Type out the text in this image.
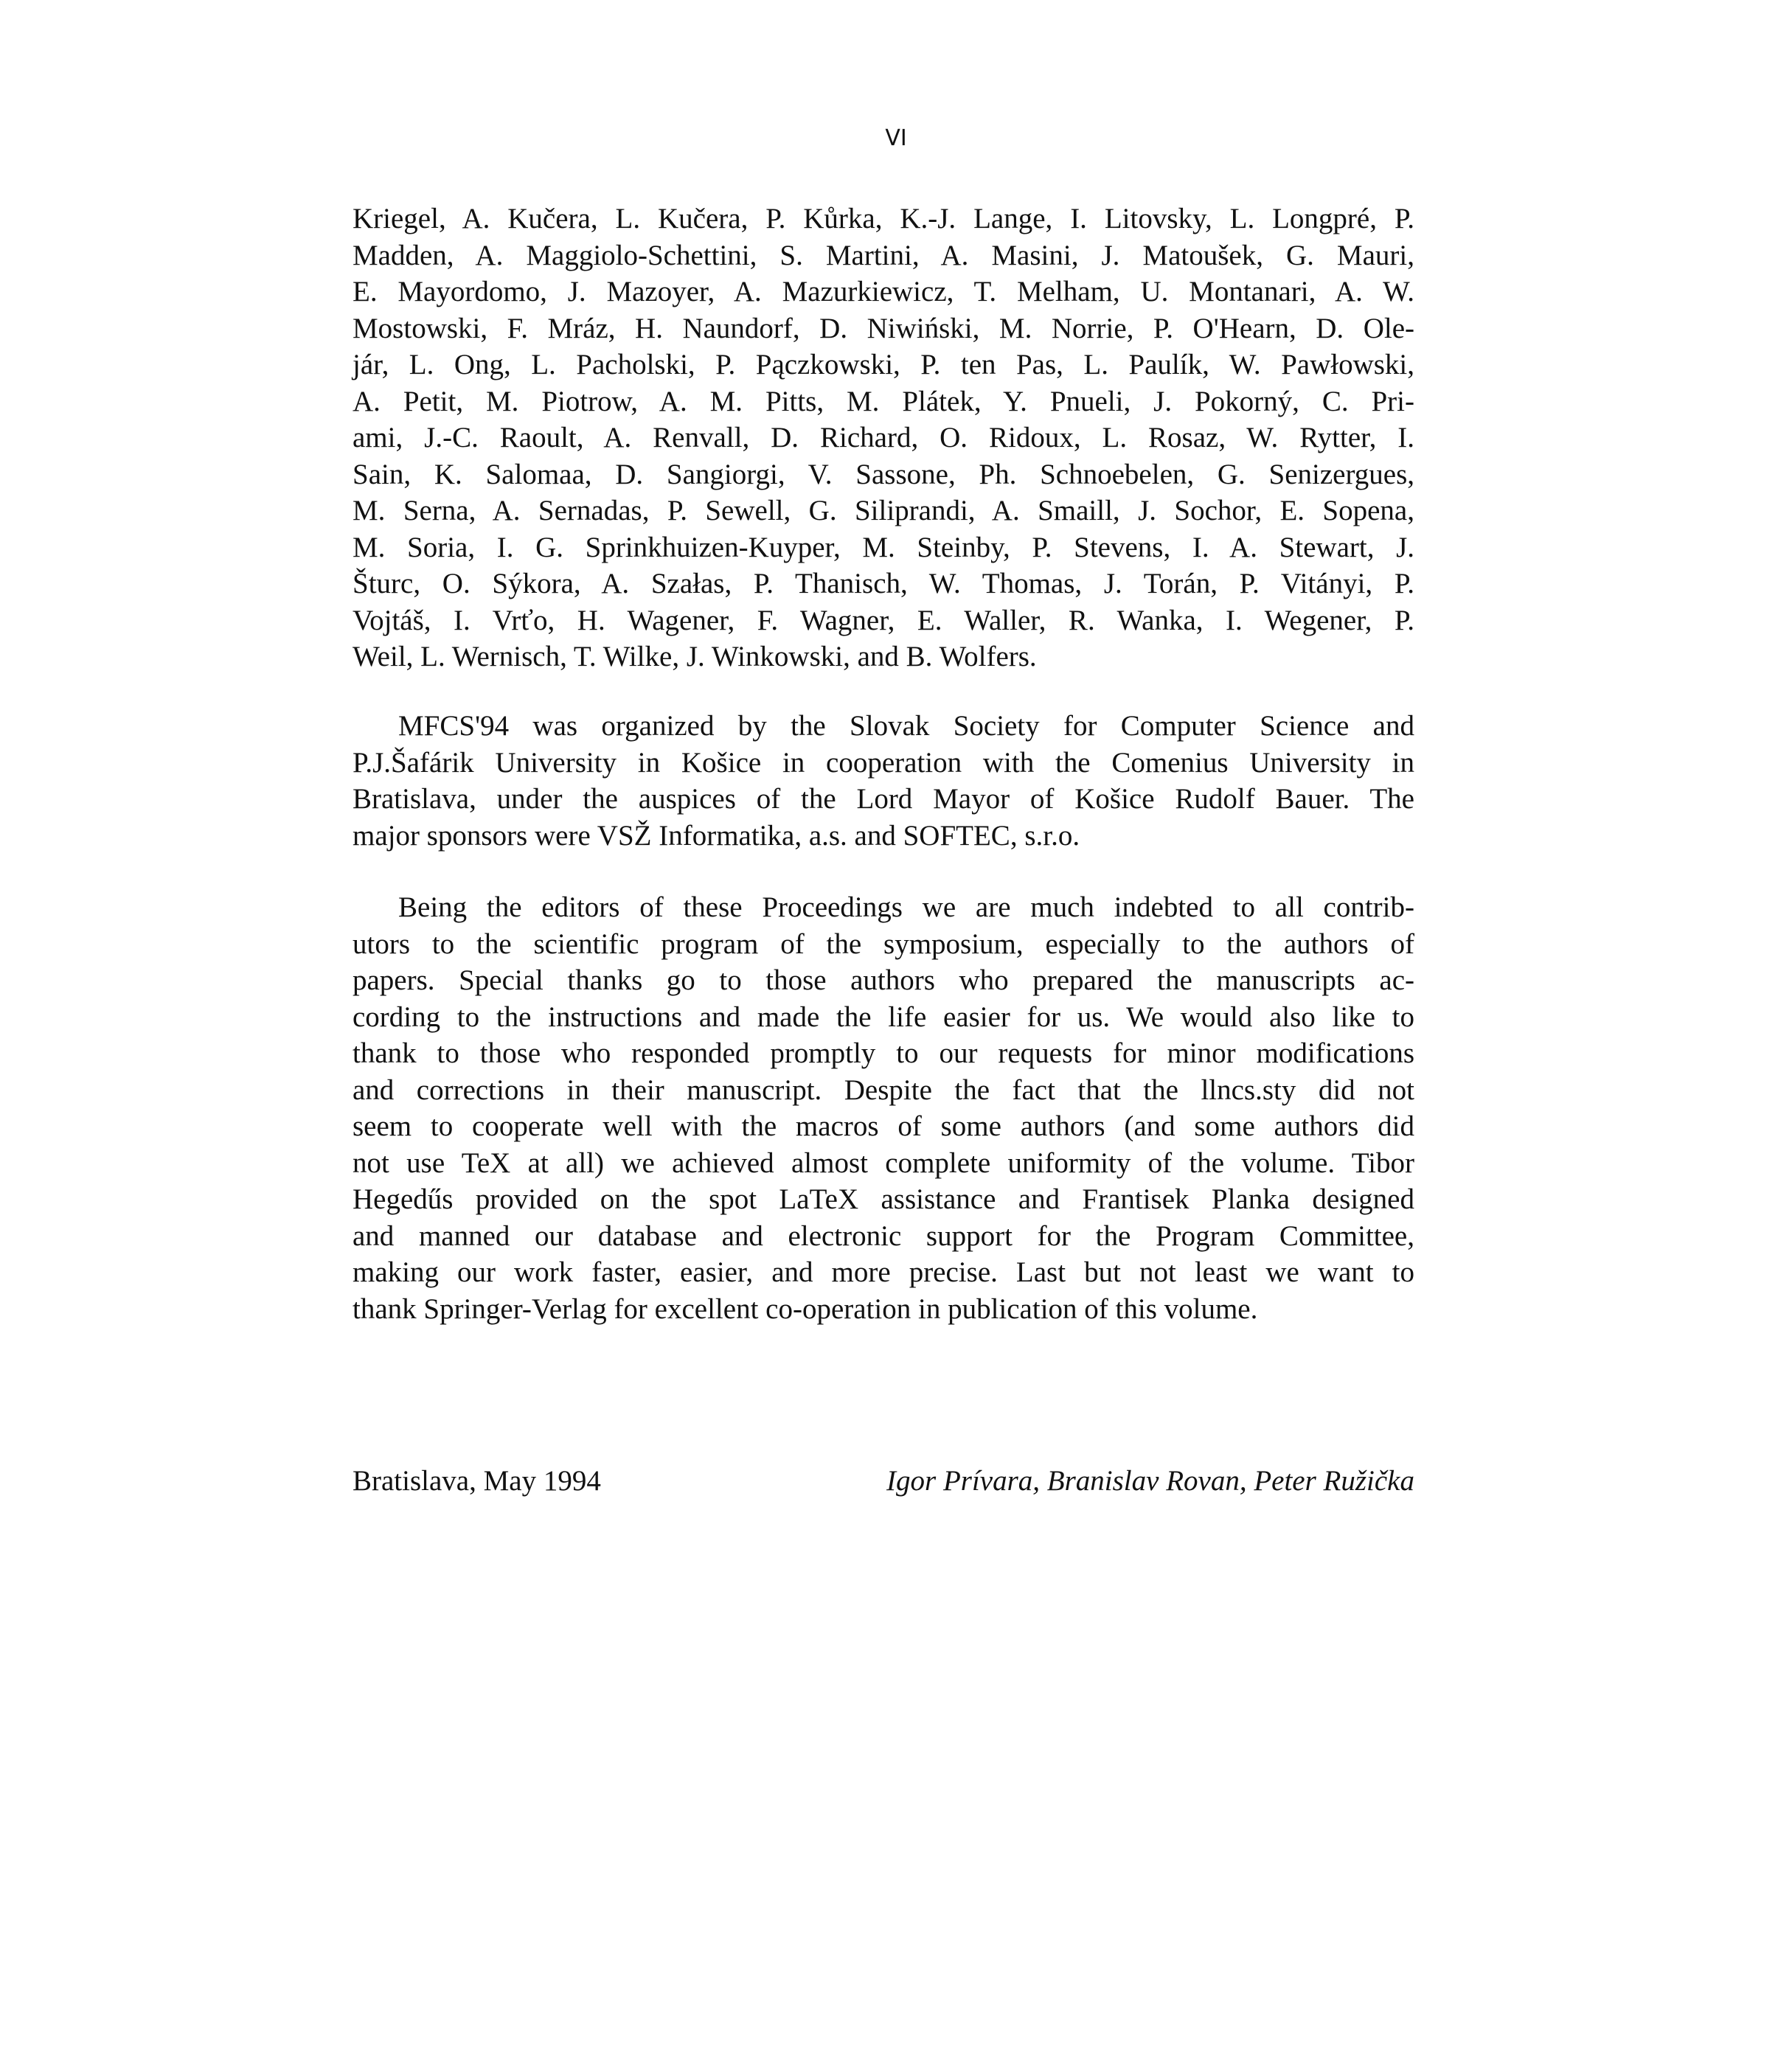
VI
Kriegel, A. Kučera, L. Kučera, P. Kůrka, K.-J. Lange, I. Litovsky, L. Longpré, P.
Madden, A. Maggiolo-Schettini, S. Martini, A. Masini, J. Matoušek, G. Mauri,
E. Mayordomo, J. Mazoyer, A. Mazurkiewicz, T. Melham, U. Montanari, A. W.
Mostowski, F. Mráz, H. Naundorf, D. Niwiński, M. Norrie, P. O'Hearn, D. Ole-
jár, L. Ong, L. Pacholski, P. Pączkowski, P. ten Pas, L. Paulík, W. Pawłowski,
A. Petit, M. Piotrow, A. M. Pitts, M. Plátek, Y. Pnueli, J. Pokorný, C. Pri-
ami, J.-C. Raoult, A. Renvall, D. Richard, O. Ridoux, L. Rosaz, W. Rytter, I.
Sain, K. Salomaa, D. Sangiorgi, V. Sassone, Ph. Schnoebelen, G. Senizergues,
M. Serna, A. Sernadas, P. Sewell, G. Siliprandi, A. Smaill, J. Sochor, E. Sopena,
M. Soria, I. G. Sprinkhuizen-Kuyper, M. Steinby, P. Stevens, I. A. Stewart, J.
Šturc, O. Sýkora, A. Szałas, P. Thanisch, W. Thomas, J. Torán, P. Vitányi, P.
Vojtáš, I. Vrťo, H. Wagener, F. Wagner, E. Waller, R. Wanka, I. Wegener, P.
Weil, L. Wernisch, T. Wilke, J. Winkowski, and B. Wolfers.
MFCS'94 was organized by the Slovak Society for Computer Science and
P.J.Šafárik University in Košice in cooperation with the Comenius University in
Bratislava, under the auspices of the Lord Mayor of Košice Rudolf Bauer. The
major sponsors were VSŽ Informatika, a.s. and SOFTEC, s.r.o.
Being the editors of these Proceedings we are much indebted to all contrib-
utors to the scientific program of the symposium, especially to the authors of
papers. Special thanks go to those authors who prepared the manuscripts ac-
cording to the instructions and made the life easier for us. We would also like to
thank to those who responded promptly to our requests for minor modifications
and corrections in their manuscript. Despite the fact that the llncs.sty did not
seem to cooperate well with the macros of some authors (and some authors did
not use TeX at all) we achieved almost complete uniformity of the volume. Tibor
Hegedűs provided on the spot LaTeX assistance and Frantisek Planka designed
and manned our database and electronic support for the Program Committee,
making our work faster, easier, and more precise. Last but not least we want to
thank Springer-Verlag for excellent co-operation in publication of this volume.
Bratislava, May 1994	Igor Prívara, Branislav Rovan, Peter Ružička
